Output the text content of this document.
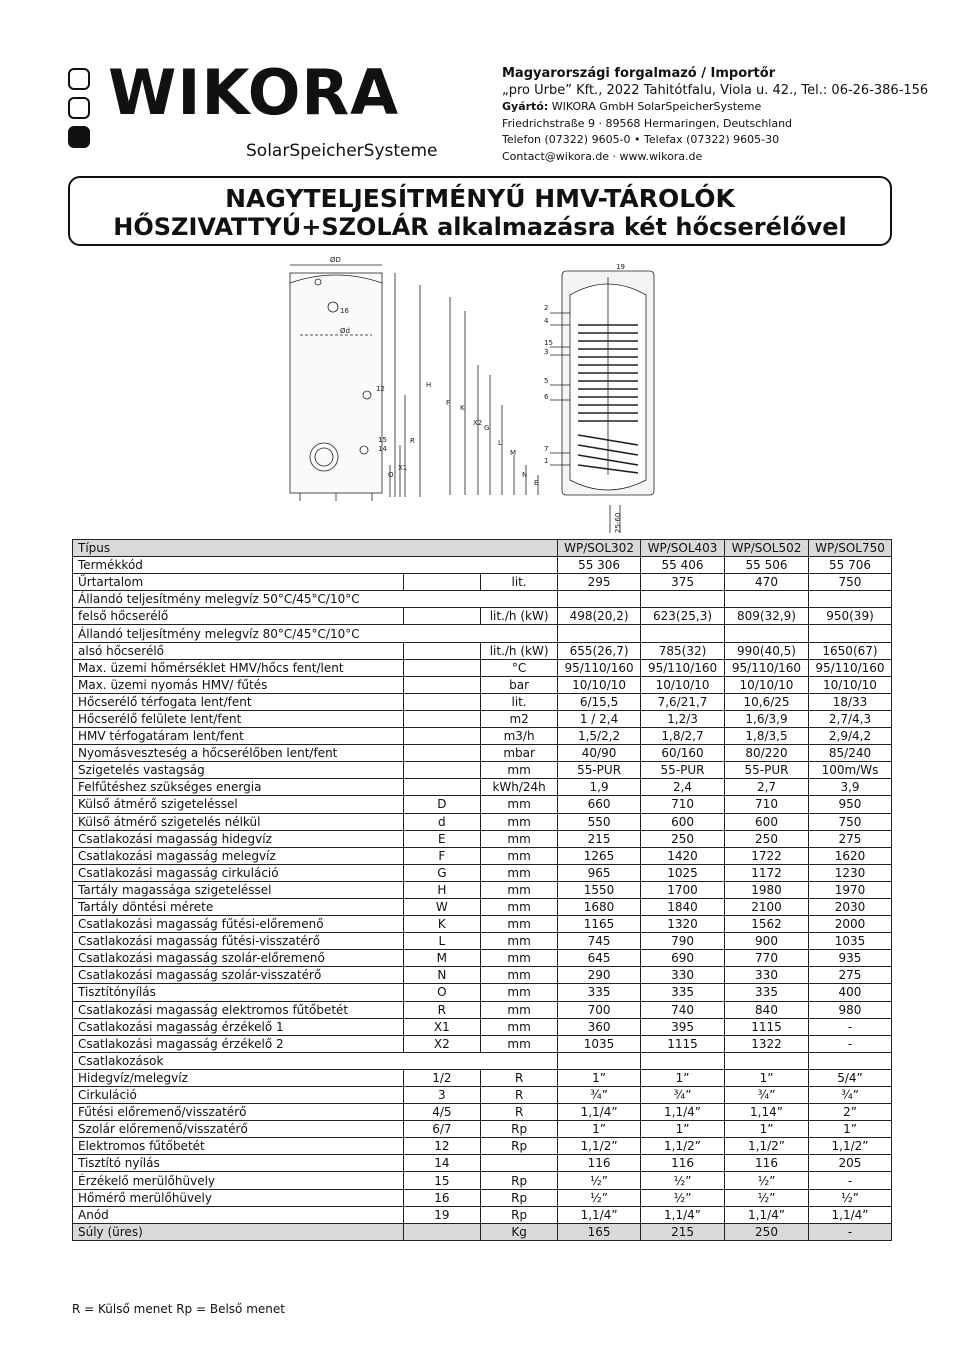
WIKORA
SolarSpeicherSysteme
Magyarországi forgalmazó / Importőr
„pro Urbe” Kft., 2022 Tahitótfalu, Viola u. 42., Tel.: 06-26-386-156
Gyártó: WIKORA GmbH SolarSpeicherSysteme
Friedrichstraße 9 · 89568 Hermaringen, Deutschland
Telefon (07322) 9605-0 • Telefax (07322) 9605-30
Contact@wikora.de · www.wikora.de
NAGYTELJESÍTMÉNYŰ HMV-TÁROLÓK
HŐSZIVATTYÚ+SZOLÁR alkalmazásra két hőcserélővel
ØD
Ød
16
12
15
14
H
R
O
X1
F
K
X2
G
L
M
N
E
19
2
4
15
3
5
6
7
1
25-60
Típus			WP/SOL302	WP/SOL403	WP/SOL502	WP/SOL750
Termékkód			55 306	55 406	55 506	55 706
Űrtartalom		lit.	295	375	470	750
Állandó teljesítmény melegvíz 50°C/45°C/10°C						
felső hőcserélő		lit./h (kW)	498(20,2)	623(25,3)	809(32,9)	950(39)
Állandó teljesítmény melegvíz 80°C/45°C/10°C						
alsó hőcserélő		lit./h (kW)	655(26,7)	785(32)	990(40,5)	1650(67)
Max. üzemi hőmérséklet HMV/hőcs fent/lent		°C	95/110/160	95/110/160	95/110/160	95/110/160
Max. üzemi nyomás HMV/ fűtés		bar	10/10/10	10/10/10	10/10/10	10/10/10
Hőcserélő térfogata lent/fent		lit.	6/15,5	7,6/21,7	10,6/25	18/33
Hőcserélő felülete lent/fent		m2	1 / 2,4	1,2/3	1,6/3,9	2,7/4,3
HMV térfogatáram lent/fent		m3/h	1,5/2,2	1,8/2,7	1,8/3,5	2,9/4,2
Nyomásveszteség a hőcserélőben lent/fent		mbar	40/90	60/160	80/220	85/240
Szigetelés vastagság		mm	55-PUR	55-PUR	55-PUR	100m/Ws
Felfűtéshez szükséges energia		kWh/24h	1,9	2,4	2,7	3,9
Külső átmérő szigeteléssel	D	mm	660	710	710	950
Külső átmérő szigetelés nélkül	d	mm	550	600	600	750
Csatlakozási magasság hidegvíz	E	mm	215	250	250	275
Csatlakozási magasság melegvíz	F	mm	1265	1420	1722	1620
Csatlakozási magasság cirkuláció	G	mm	965	1025	1172	1230
Tartály magassága szigeteléssel	H	mm	1550	1700	1980	1970
Tartály döntési mérete	W	mm	1680	1840	2100	2030
Csatlakozási magasság fűtési-előremenő	K	mm	1165	1320	1562	2000
Csatlakozási magasság fűtési-visszatérő	L	mm	745	790	900	1035
Csatlakozási magasság szolár-előremenő	M	mm	645	690	770	935
Csatlakozási magasság szolár-visszatérő	N	mm	290	330	330	275
Tisztítónyílás	O	mm	335	335	335	400
Csatlakozási magasság elektromos fűtőbetét	R	mm	700	740	840	980
Csatlakozási magasság érzékelő 1	X1	mm	360	395	1115	-
Csatlakozási magasság érzékelő 2	X2	mm	1035	1115	1322	-
Csatlakozások						
Hidegvíz/melegvíz	1/2	R	1”	1”	1”	5/4”
Cirkuláció	3	R	¾”	¾”	¾”	¾”
Fűtési előremenő/visszatérő	4/5	R	1,1/4”	1,1/4”	1,14”	2”
Szolár előremenő/visszatérő	6/7	Rp	1”	1”	1”	1”
Elektromos fűtőbetét	12	Rp	1,1/2”	1,1/2”	1,1/2”	1,1/2”
Tisztító nyílás	14		116	116	116	205
Érzékelő merülőhüvely	15	Rp	½”	½”	½”	-
Hőmérő merülőhüvely	16	Rp	½”	½”	½”	½”
Anód	19	Rp	1,1/4”	1,1/4”	1,1/4”	1,1/4”
Súly (üres)		Kg	165	215	250	-
R = Külső menet Rp = Belső menet
